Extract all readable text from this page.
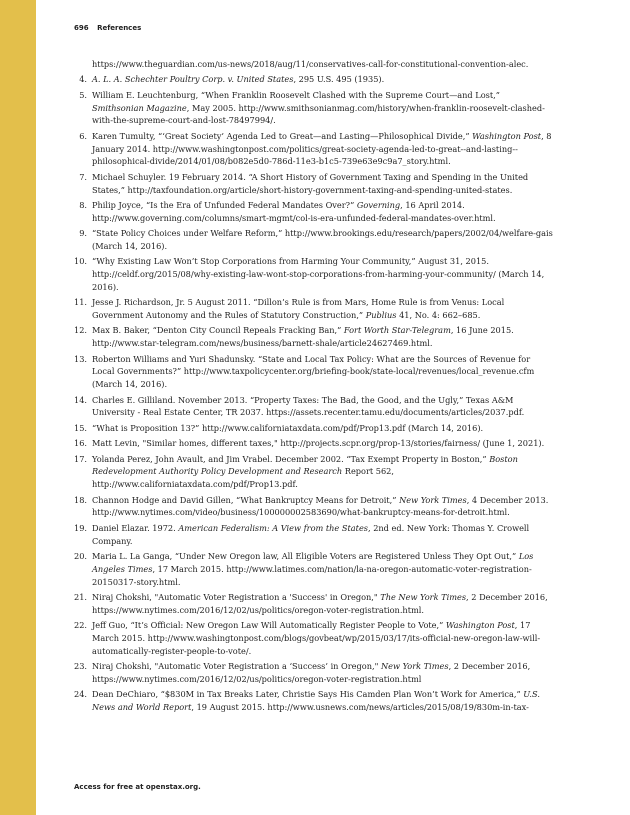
696 References
https://www.theguardian.com/us-news/2018/aug/11/conservatives-call-for-constitutional-convention-alec.
4. A. L. A. Schechter Poultry Corp. v. United States, 295 U.S. 495 (1935).
5. William E. Leuchtenburg, “When Franklin Roosevelt Clashed with the Supreme Court—and Lost,” Smithsonian Magazine, May 2005. http://www.smithsonianmag.com/history/when-franklin-roosevelt-clashed-with-the-supreme-court-and-lost-78497994/.
6. Karen Tumulty, “‘Great Society’ Agenda Led to Great—and Lasting—Philosophical Divide,” Washington Post, 8 January 2014. http://www.washingtonpost.com/politics/great-society-agenda-led-to-great--and-lasting--philosophical-divide/2014/01/08/b082e5d0-786d-11e3-b1c5-739e63e9c9a7_story.html.
7. Michael Schuyler. 19 February 2014. “A Short History of Government Taxing and Spending in the United States,” http://taxfoundation.org/article/short-history-government-taxing-and-spending-united-states.
8. Philip Joyce, “Is the Era of Unfunded Federal Mandates Over?” Governing, 16 April 2014. http://www.governing.com/columns/smart-mgmt/col-is-era-unfunded-federal-mandates-over.html.
9. “State Policy Choices under Welfare Reform,” http://www.brookings.edu/research/papers/2002/04/welfare-gais (March 14, 2016).
10. “Why Existing Law Won’t Stop Corporations from Harming Your Community,” August 31, 2015. http://celdf.org/2015/08/why-existing-law-wont-stop-corporations-from-harming-your-community/ (March 14, 2016).
11. Jesse J. Richardson, Jr. 5 August 2011. “Dillon’s Rule is from Mars, Home Rule is from Venus: Local Government Autonomy and the Rules of Statutory Construction,” Publius 41, No. 4: 662–685.
12. Max B. Baker, “Denton City Council Repeals Fracking Ban,” Fort Worth Star-Telegram, 16 June 2015. http://www.star-telegram.com/news/business/barnett-shale/article24627469.html.
13. Roberton Williams and Yuri Shadunsky. “State and Local Tax Policy: What are the Sources of Revenue for Local Governments?” http://www.taxpolicycenter.org/briefing-book/state-local/revenues/local_revenue.cfm (March 14, 2016).
14. Charles E. Gilliland. November 2013. “Property Taxes: The Bad, the Good, and the Ugly,” Texas A&M University - Real Estate Center, TR 2037. https://assets.recenter.tamu.edu/documents/articles/2037.pdf.
15. “What is Proposition 13?” http://www.californiataxdata.com/pdf/Prop13.pdf (March 14, 2016).
16. Matt Levin, "Similar homes, different taxes," http://projects.scpr.org/prop-13/stories/fairness/ (June 1, 2021).
17. Yolanda Perez, John Avault, and Jim Vrabel. December 2002. “Tax Exempt Property in Boston,” Boston Redevelopment Authority Policy Development and Research Report 562, http://www.californiataxdata.com/pdf/Prop13.pdf.
18. Channon Hodge and David Gillen, “What Bankruptcy Means for Detroit,” New York Times, 4 December 2013. http://www.nytimes.com/video/business/100000002583690/what-bankruptcy-means-for-detroit.html.
19. Daniel Elazar. 1972. American Federalism: A View from the States, 2nd ed. New York: Thomas Y. Crowell Company.
20. Maria L. La Ganga, “Under New Oregon law, All Eligible Voters are Registered Unless They Opt Out,” Los Angeles Times, 17 March 2015. http://www.latimes.com/nation/la-na-oregon-automatic-voter-registration-20150317-story.html.
21. Niraj Chokshi, "Automatic Voter Registration a 'Success' in Oregon," The New York Times, 2 December 2016, https://www.nytimes.com/2016/12/02/us/politics/oregon-voter-registration.html.
22. Jeff Guo, “It’s Official: New Oregon Law Will Automatically Register People to Vote,” Washington Post, 17 March 2015. http://www.washingtonpost.com/blogs/govbeat/wp/2015/03/17/its-official-new-oregon-law-will-automatically-register-people-to-vote/.
23. Niraj Chokshi, "Automatic Voter Registration a ‘Success’ in Oregon," New York Times, 2 December 2016, https://www.nytimes.com/2016/12/02/us/politics/oregon-voter-registration.html
24. Dean DeChiaro, “$830M in Tax Breaks Later, Christie Says His Camden Plan Won’t Work for America,” U.S. News and World Report, 19 August 2015. http://www.usnews.com/news/articles/2015/08/19/830m-in-tax-
Access for free at openstax.org.
